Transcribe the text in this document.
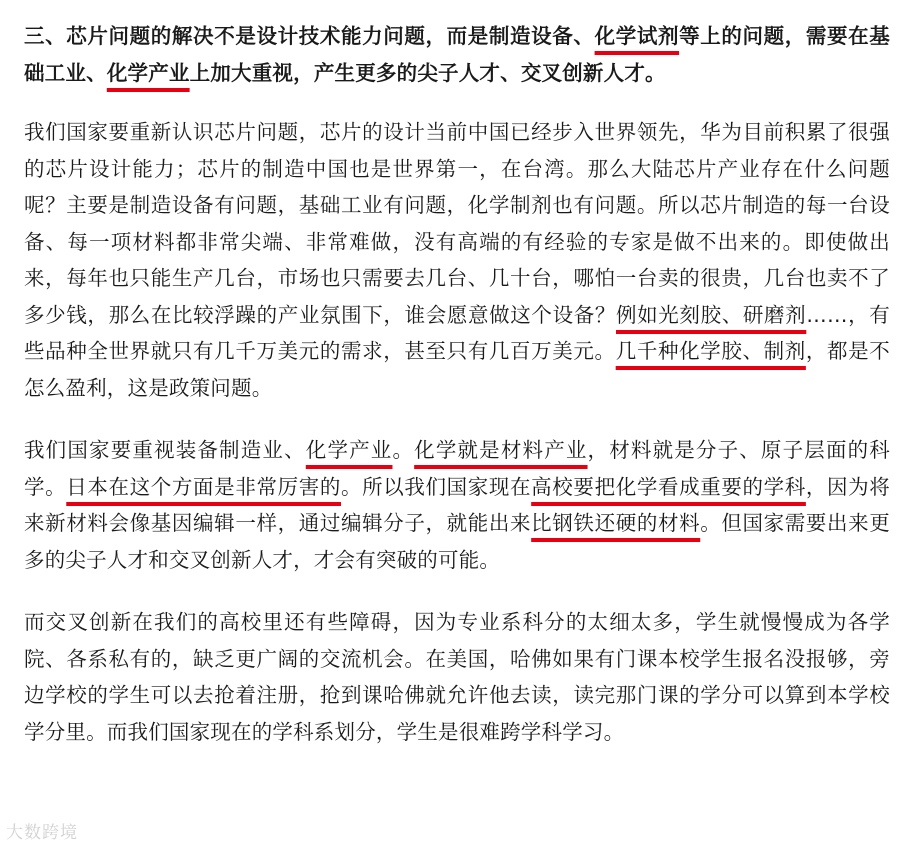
三、芯片问题的解决不是设计技术能力问题，而是制造设备、化学试剂等上的问题，需要在基础工业、化学产业上加大重视，产生更多的尖子人才、交叉创新人才。

我们国家要重新认识芯片问题，芯片的设计当前中国已经步入世界领先，华为目前积累了很强的芯片设计能力；芯片的制造中国也是世界第一，在台湾。那么大陆芯片产业存在什么问题呢？主要是制造设备有问题，基础工业有问题，化学制剂也有问题。所以芯片制造的每一台设备、每一项材料都非常尖端、非常难做，没有高端的有经验的专家是做不出来的。即使做出来，每年也只能生产几台，市场也只需要去几台、几十台，哪怕一台卖的很贵，几台也卖不了多少钱，那么在比较浮躁的产业氛围下，谁会愿意做这个设备？例如光刻胶、研磨剂……，有些品种全世界就只有几千万美元的需求，甚至只有几百万美元。几千种化学胶、制剂，都是不怎么盈利，这是政策问题。

我们国家要重视装备制造业、化学产业。化学就是材料产业，材料就是分子、原子层面的科学。日本在这个方面是非常厉害的。所以我们国家现在高校要把化学看成重要的学科，因为将来新材料会像基因编辑一样，通过编辑分子，就能出来比钢铁还硬的材料。但国家需要出来更多的尖子人才和交叉创新人才，才会有突破的可能。

而交叉创新在我们的高校里还有些障碍，因为专业系科分的太细太多，学生就慢慢成为各学院、各系私有的，缺乏更广阔的交流机会。在美国，哈佛如果有门课本校学生报名没报够，旁边学校的学生可以去抢着注册，抢到课哈佛就允许他去读，读完那门课的学分可以算到本学校学分里。而我们国家现在的学科系划分，学生是很难跨学科学习。

大数跨境
